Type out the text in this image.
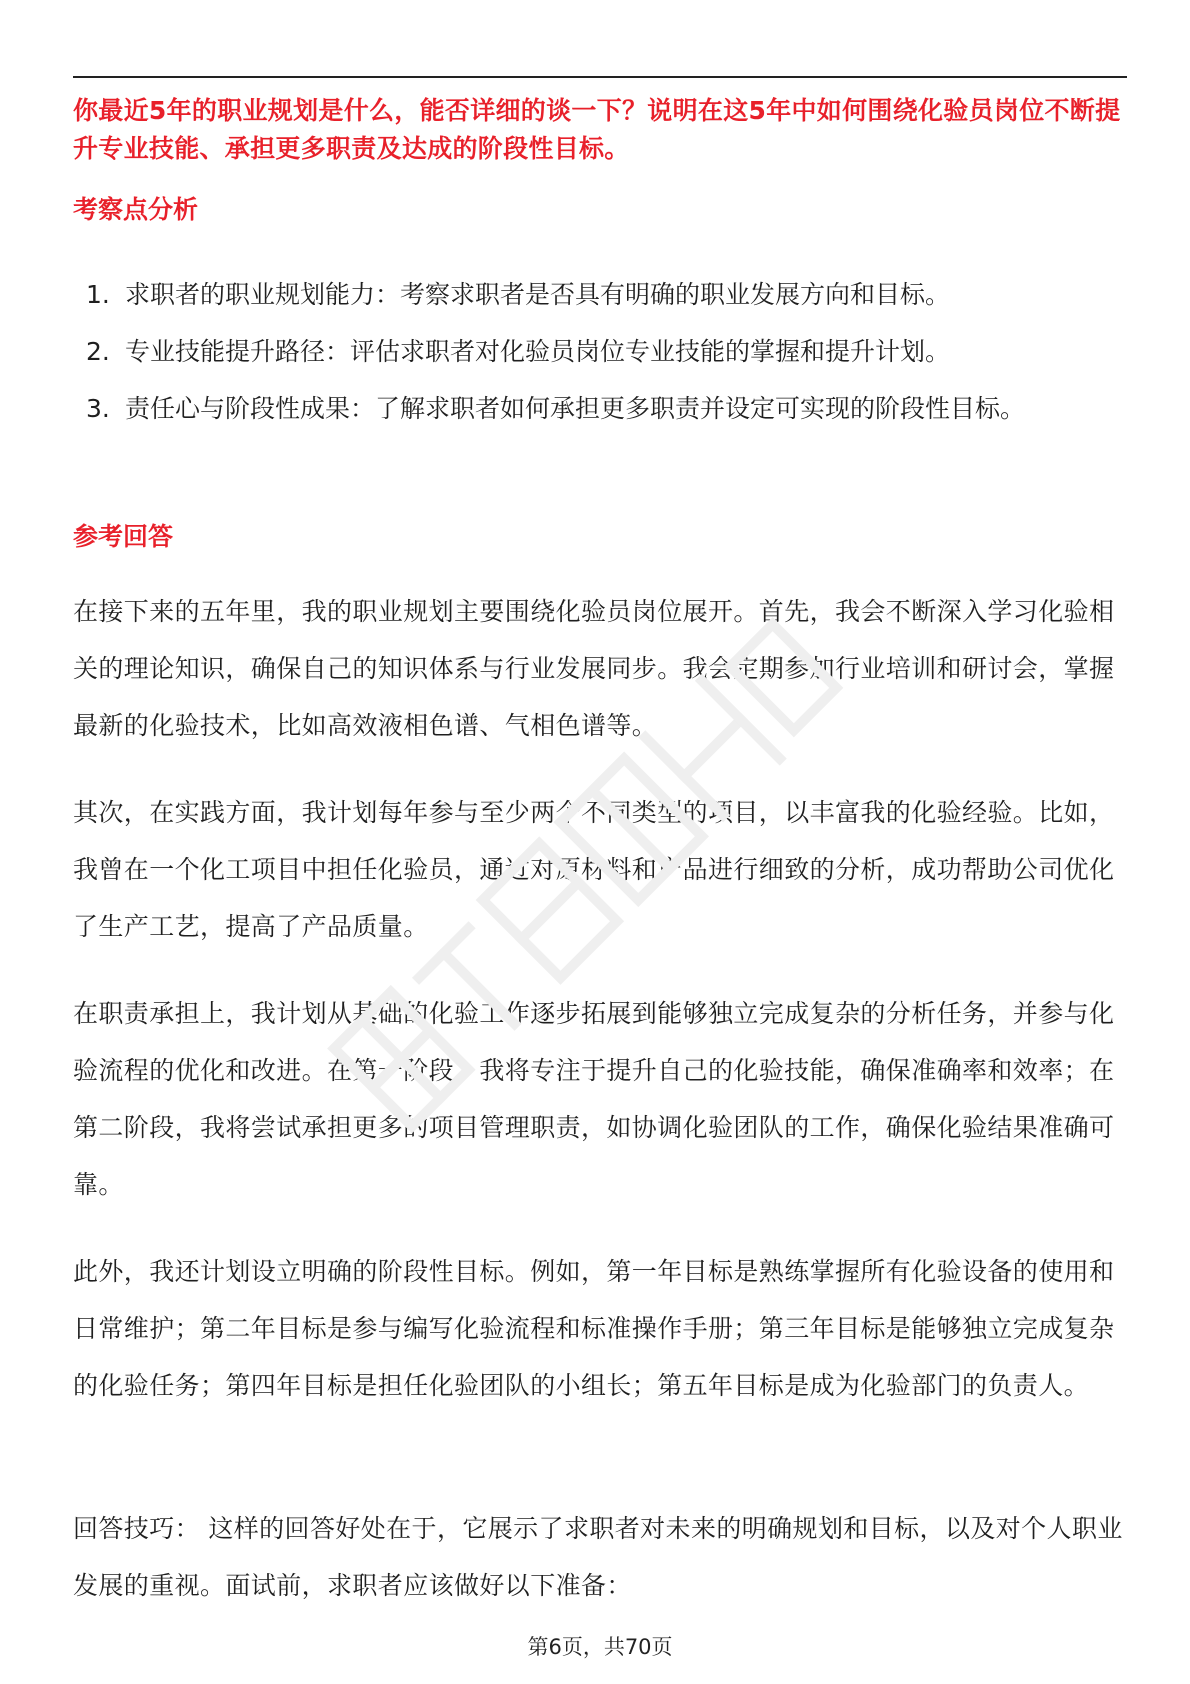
你最近5年的职业规划是什么，能否详细的谈一下？说明在这5年中如何围绕化验员岗位不断提升专业技能、承担更多职责及达成的阶段性目标。
考察点分析
1. 求职者的职业规划能力：考察求职者是否具有明确的职业发展方向和目标。
2. 专业技能提升路径：评估求职者对化验员岗位专业技能的掌握和提升计划。
3. 责任心与阶段性成果：了解求职者如何承担更多职责并设定可实现的阶段性目标。
参考回答

在接下来的五年里，我的职业规划主要围绕化验员岗位展开。首先，我会不断深入学习化验相关的理论知识，确保自己的知识体系与行业发展同步。我会定期参加行业培训和研讨会，掌握最新的化验技术，比如高效液相色谱、气相色谱等。

其次，在实践方面，我计划每年参与至少两个不同类型的项目，以丰富我的化验经验。比如，我曾在一个化工项目中担任化验员，通过对原材料和产品进行细致的分析，成功帮助公司优化了生产工艺，提高了产品质量。

在职责承担上，我计划从基础的化验工作逐步拓展到能够独立完成复杂的分析任务，并参与化验流程的优化和改进。在第一阶段，我将专注于提升自己的化验技能，确保准确率和效率；在第二阶段，我将尝试承担更多的项目管理职责，如协调化验团队的工作，确保化验结果准确可靠。

此外，我还计划设立明确的阶段性目标。例如，第一年目标是熟练掌握所有化验设备的使用和日常维护；第二年目标是参与编写化验流程和标准操作手册；第三年目标是能够独立完成复杂的化验任务；第四年目标是担任化验团队的小组长；第五年目标是成为化验部门的负责人。

回答技巧： 这样的回答好处在于，它展示了求职者对未来的明确规划和目标，以及对个人职业发展的重视。面试前，求职者应该做好以下准备：

第6页，共70页
